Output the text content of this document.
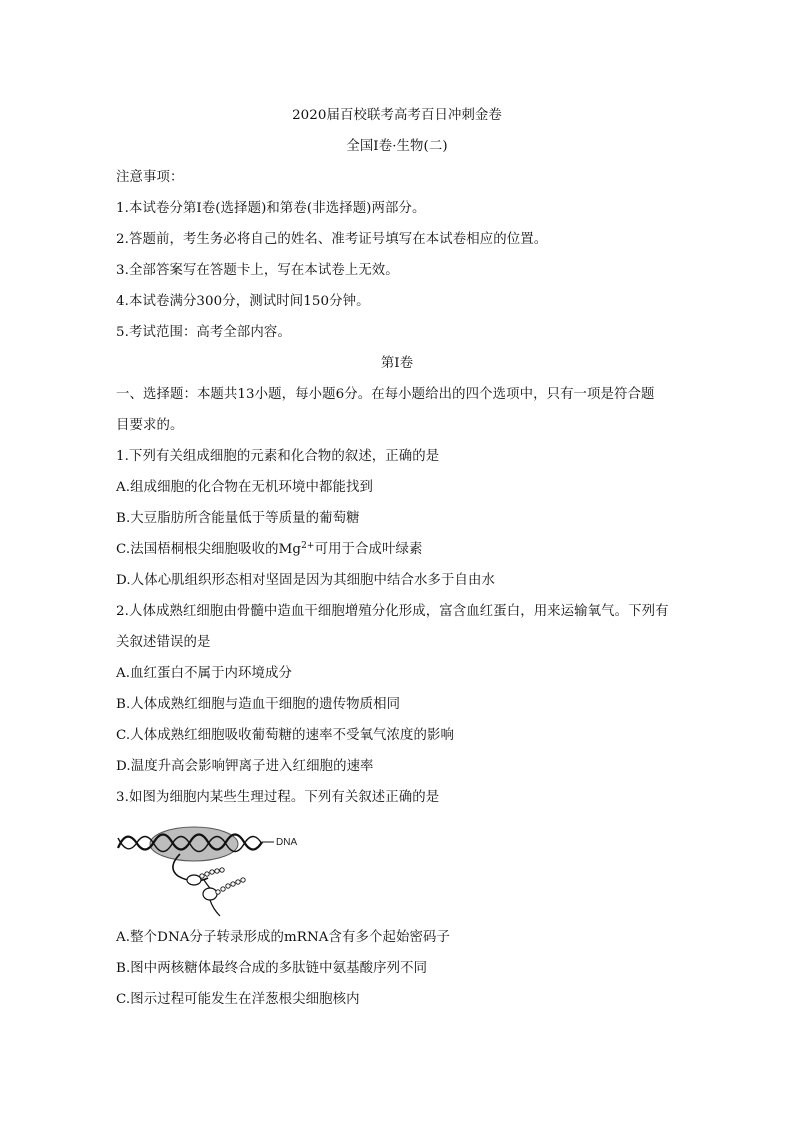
2020届百校联考高考百日冲刺金卷
全国I卷·生物(二)
注意事项：
1.本试卷分第I卷(选择题)和第卷(非选择题)两部分。
2.答题前，考生务必将自己的姓名、准考证号填写在本试卷相应的位置。
3.全部答案写在答题卡上，写在本试卷上无效。
4.本试卷满分300分，测试时间150分钟。
5.考试范围：高考全部内容。
第I卷
一、选择题：本题共13小题，每小题6分。在每小题给出的四个选项中，只有一项是符合题
目要求的。
1.下列有关组成细胞的元素和化合物的叙述，正确的是
A.组成细胞的化合物在无机环境中都能找到
B.大豆脂肪所含能量低于等质量的葡萄糖
C.法国梧桐根尖细胞吸收的$Mg^{2+}$可用于合成叶绿素
D.人体心肌组织形态相对坚固是因为其细胞中结合水多于自由水
2.人体成熟红细胞由骨髓中造血干细胞增殖分化形成，富含血红蛋白，用来运输氧气。下列有
关叙述错误的是
A.血红蛋白不属于内环境成分
B.人体成熟红细胞与造血干细胞的遗传物质相同
C.人体成熟红细胞吸收葡萄糖的速率不受氧气浓度的影响
D.温度升高会影响钾离子进入红细胞的速率
3.如图为细胞内某些生理过程。下列有关叙述正确的是
DNA
A.整个DNA分子转录形成的mRNA含有多个起始密码子
B.图中两核糖体最终合成的多肽链中氨基酸序列不同
C.图示过程可能发生在洋葱根尖细胞核内
